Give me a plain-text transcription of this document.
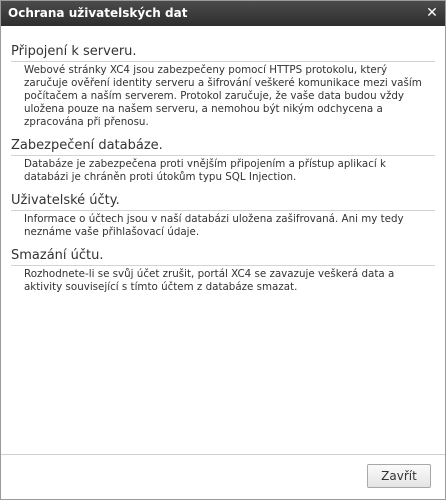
Ochrana uživatelských dat	✕
Připojení k serveru.

Webové stránky XC4 jsou zabezpečeny pomocí HTTPS protokolu, který zaručuje ověření identity serveru a šifrování veškeré komunikace mezi vaším počítačem a naším serverem. Protokol zaručuje, že vaše data budou vždy uložena pouze na našem serveru, a nemohou být nikým odchycena a zpracována při přenosu.

Zabezpečení databáze.

Databáze je zabezpečena proti vnějším připojením a přístup aplikací k databázi je chráněn proti útokům typu SQL Injection.

Uživatelské účty.

Informace o účtech jsou v naší databázi uložena zašifrovaná. Ani my tedy neznáme vaše přihlašovací údaje.

Smazání účtu.

Rozhodnete-li se svůj účet zrušit, portál XC4 se zavazuje veškerá data a aktivity související s tímto účtem z databáze smazat.

Zavřít
